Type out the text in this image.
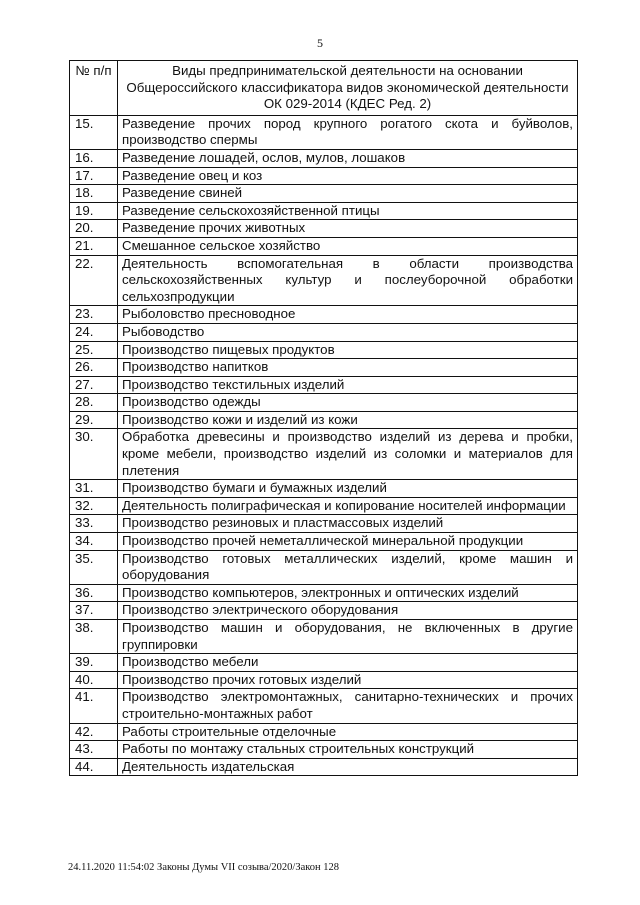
5
№ п/п	Виды предпринимательской деятельности на основании Общероссийского классификатора видов экономической деятельности ОК 029-2014 (КДЕС Ред. 2)
15.	Разведение прочих пород крупного рогатого скота и буйволов, производство спермы
16.	Разведение лошадей, ослов, мулов, лошаков
17.	Разведение овец и коз
18.	Разведение свиней
19.	Разведение сельскохозяйственной птицы
20.	Разведение прочих животных
21.	Смешанное сельское хозяйство
22.	Деятельность вспомогательная в области производства сельскохозяйственных культур и послеуборочной обработки сельхозпродукции
23.	Рыболовство пресноводное
24.	Рыбоводство
25.	Производство пищевых продуктов
26.	Производство напитков
27.	Производство текстильных изделий
28.	Производство одежды
29.	Производство кожи и изделий из кожи
30.	Обработка древесины и производство изделий из дерева и пробки, кроме мебели, производство изделий из соломки и материалов для плетения
31.	Производство бумаги и бумажных изделий
32.	Деятельность полиграфическая и копирование носителей информации
33.	Производство резиновых и пластмассовых изделий
34.	Производство прочей неметаллической минеральной продукции
35.	Производство готовых металлических изделий, кроме машин и оборудования
36.	Производство компьютеров, электронных и оптических изделий
37.	Производство электрического оборудования
38.	Производство машин и оборудования, не включенных в другие группировки
39.	Производство мебели
40.	Производство прочих готовых изделий
41.	Производство электромонтажных, санитарно-технических и прочих строительно-монтажных работ
42.	Работы строительные отделочные
43.	Работы по монтажу стальных строительных конструкций
44.	Деятельность издательская
24.11.2020 11:54:02 Законы Думы VII созыва/2020/Закон 128
